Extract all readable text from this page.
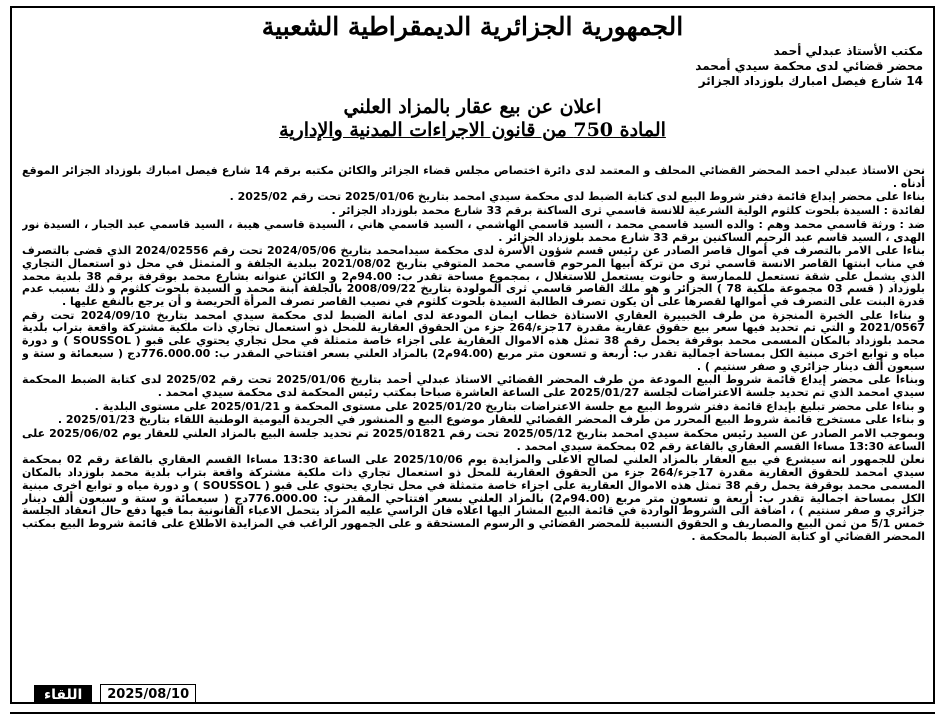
الجمهورية الجزائرية الديمقراطية الشعبية
مكتب الأستاذ عبدلي أحمد
محضر قضائي لدى محكمة سيدي أمحمد
14 شارع فيصل امبارك بلوزداد الجزائر
اعلان عن بيع عقار بالمزاد العلني
المادة 750 من قانون الاجراءات المدنية والإدارية

نحن الأستاذ عبدلي أحمد المحضر القضائي المحلف و المعتمد لدى دائرة اختصاص مجلس قضاء الجزائر والكائن مكتبه برقم 14 شارع فيصل امبارك بلوزداد الجزائر الموقع أدناه .

بناءا على محضر إيداع قائمة دفتر شروط البيع لدى كتابة الضبط لدى محكمة سيدي امحمد بتاريخ 2025/01/06 تحت رقم 2025/02 .

لفائدة : السيدة بلحوت كلثوم الولية الشرعية للانسة قاسمي ثرى الساكنة برقم 33 شارع محمد بلوزداد الجزائر .

ضد : ورثة قاسمي محمد وهم : والده السيد قاسمي محمد ، السيد قاسمي الهاشمي ، السيد قاسمي هاني ، السيدة قاسمي هيبة ، السيد قاسمي عبد الجبار ، السيدة نور الهدى ، السيد قاسم عبد الرحيم الساكنين برقم 33 شارع محمد بلوزداد الجزائر .

بناءا على الامر بالتصرف في أموال قاصر الصادر عن رئيس قسم شؤون الأسرة لدى محكمة سيدامحمد بتاريخ 2024/05/06 تحت رقم 2024/02556 الذي قضى بالتصرف في مناب ابنتها القاصر الانسة قاسمي ثرى من تركة أبيها المرحوم قاسمي محمد المتوفي بتاريخ 2021/08/02 ببلدية الجلفة و المتمثل في محل ذو استعمال التجاري الذي يشمل على شقة تستعمل للممارسة و حانوت يستعمل للاستغلال ، بمجموع مساحة تقدر ب: 94.00م2 و الكائن عنوانه بشارع محمد بوقرفة برقم 38 بلدية محمد بلوزداد ( قسم 03 مجموعة ملكية 78 ) الجزائر و هو ملك القاصر قاسمي ثرى المولودة بتاريخ 2008/09/22 بالجلفة ابنة محمد و السيدة بلحوت كلثوم و ذلك بسبب عدم قدرة البنت على التصرف في أموالها لقصرها على أن يكون تصرف الطالبة السيدة بلحوت كلثوم في نصيب القاصر تصرف المرأة الحريصة و أن يرجع بالنفع عليها .

و بناءا على الخبرة المنجزة من طرف الخبييرة العقاري الاستاذة خطاب ايمان المودعة لدى امانة الضبط لدى محكمة سيدي امحمد بتاريخ 2024/09/10 تحت رقم 2021/0567 و التي تم تحديد فيها سعر بيع حقوق عقارية مقدرة 17جزء/264 جزء من الحقوق العقارية للمحل ذو استعمال تجاري ذات ملكية مشتركة واقعة بتراب بلدية محمد بلوزداد بالمكان المسمى محمد بوقرفة يحمل رقم 38 تمثل هذه الاموال العقارية على اجزاء خاصة متمثلة في محل تجاري يحتوي على قبو ( SOUSSOL ) و دورة مياه و توابع اخرى مبنية الكل بمساحة اجمالية تقدر ب: أربعة و تسعون متر مربع (94.00م2) بالمزاد العلني بسعر افتتاحي المقدر ب: 776.000.00دج ( سبعمائة و ستة و سبعون ألف دينار جزائري و صفر سنتيم ) .

وبناءا على محضر إيداع قائمة شروط البيع المودعة من طرف المحضر القضائي الاستاذ عبدلي أحمد بتاريخ 2025/01/06 تحت رقم 2025/02 لدى كتابة الضبط المحكمة سيدي امحمد الذي تم تحديد جلسة الاعتراضات لجلسة 2025/01/27 على الساعة العاشرة صباحا بمكتب رئيس المحكمة لدى محكمة سيدي امحمد .

و بناءا على محضر تبليغ بإيداع قائمة دفتر شروط البيع مع جلسة الاعتراضات بتاريخ 2025/01/20 على مستوى المحكمة و 2025/01/21 على مستوى البلدية .

و بناءا على مستخرج قائمة شروط البيع المحرر من طرف المحضر القضائي للعقار موضوع البيع و المنشور في الجريدة اليومية الوطنية اللقاء بتاريخ 2025/01/23 .

وبموجب الامر الصادر عن السيد رئيس محكمة سيدي امحمد بتاريخ 2025/05/12 تحت رقم 2025/01821 تم تحديد جلسة البيع بالمزاد العلني للعقار يوم 2025/06/02 على الساعة 13:30 مساءا القسم العقاري بالقاعة رقم 02 بمحكمة سيدي امحمد .

نعلن للجمهور انه سيشرع في بيع العقار بالمزاد العلني لصالح الاعلى والمزايدة يوم 2025/10/06 على الساعة 13:30 مساءا القسم العقاري بالقاعة رقم 02 بمحكمة سيدي امحمد للحقوق العقارية مقدرة 17جزء/264 جزء من الحقوق العقارية للمحل ذو استعمال تجاري ذات ملكية مشتركة واقعة بتراب بلدية محمد بلوزداد بالمكان المسمى محمد بوقرفة يحمل رقم 38 تمثل هذه الاموال العقارية على اجزاء خاصة متمثلة في محل تجاري يحتوي على قبو ( SOUSSOL ) و دورة مياه و توابع اخرى مبنية الكل بمساحة اجمالية تقدر ب: أربعة و تسعون متر مربع (94.00م2) بالمزاد العلني بسعر افتتاحي المقدر ب: 776.000.00دج ( سبعمائة و ستة و سبعون ألف دينار جزائري و صفر سنتيم ) ، اضافة الى الشروط الواردة في قائمة البيع المشار اليها اعلاه فان الراسي عليه المزاد يتحمل الاعباء القانونية بما فيها دفع حال انعقاد الجلسة خمس 5/1 من ثمن البيع والمصاريف و الحقوق النسبية للمحضر القضائي و الرسوم المستحقة و على الجمهور الراغب في المزايدة الاطلاع على قائمة شروط البيع بمكتب المحضر القضائي او كتابة الضبط بالمحكمة .

اللقاء	2025/08/10
